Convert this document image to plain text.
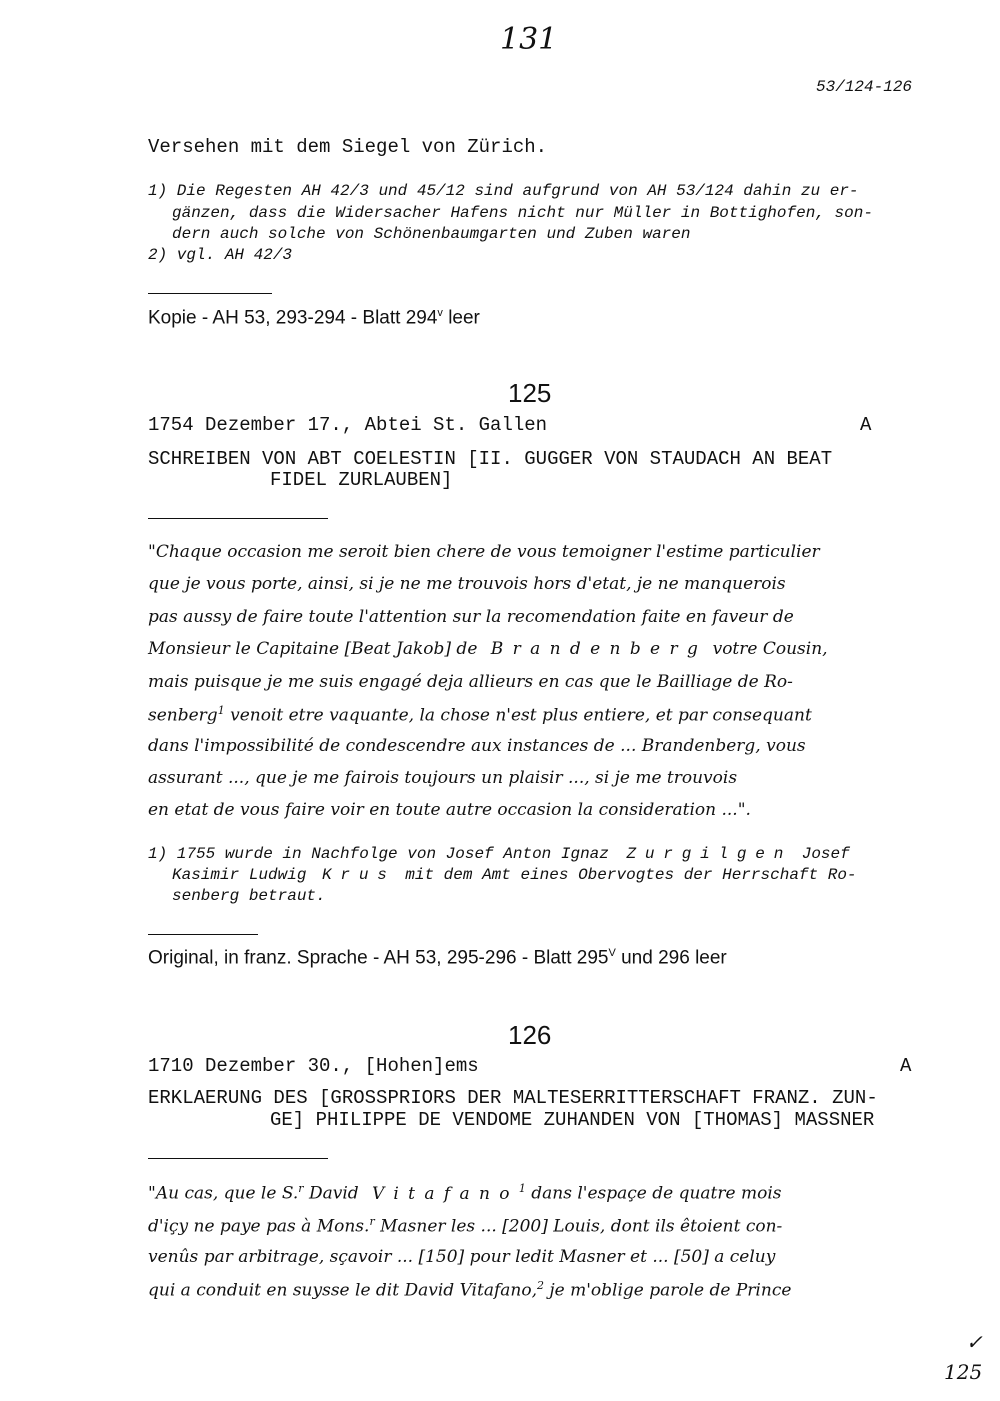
131
53/124-126
Versehen mit dem Siegel von Zürich.
1) Die Regesten AH 42/3 und 45/12 sind aufgrund von AH 53/124 dahin zu er-
gänzen, dass die Widersacher Hafens nicht nur Müller in Bottighofen, son-
dern auch solche von Schönenbaumgarten und Zuben waren
2) vgl. AH 42/3
Kopie - AH 53, 293-294 - Blatt 294$^v$ leer
125
1754 Dezember 17., Abtei St. Gallen	A
SCHREIBEN VON ABT COELESTIN [II. GUGGER VON STAUDACH AN BEAT
FIDEL ZURLAUBEN]
"Chaque occasion me seroit bien chere de vous temoigner l'estime particulier
que je vous porte, ainsi, si je ne me trouvois hors d'etat, je ne manquerois
pas aussy de faire toute l'attention sur la recomendation faite en faveur de
Monsieur le Capitaine [Beat Jakob] de Brandenberg votre Cousin,
mais puisque je me suis engagé deja allieurs en cas que le Bailliage de Ro-
senberg$^1$ venoit etre vaquante, la chose n'est plus entiere, et par consequant
dans l'impossibilité de condescendre aux instances de ... Brandenberg, vous
assurant ..., que je me fairois toujours un plaisir ..., si je me trouvois
en etat de vous faire voir en toute autre occasion la consideration ...".
1) 1755 wurde in Nachfolge von Josef Anton Ignaz Zurgilgen Josef
Kasimir Ludwig Krus mit dem Amt eines Obervogtes der Herrschaft Ro-
senberg betraut.
Original, in franz. Sprache - AH 53, 295-296 - Blatt $295^V$ und 296 leer
126
1710 Dezember 30., [Hohen]ems	A
ERKLAERUNG DES [GROSSPRIORS DER MALTESERRITTERSCHAFT FRANZ. ZUN-
GE] PHILIPPE DE VENDOME ZUHANDEN VON [THOMAS] MASSNER
"Au cas, que le S.$^r$ David Vitafano$^1$ dans l'espaçe de quatre mois
d'içy ne paye pas à Mons.$^r$ Masner les ... [200] Louis, dont ils êtoient con-
venûs par arbitrage, sçavoir ... [150] pour ledit Masner et ... [50] a celuy
qui a conduit en suysse le dit David Vitafano,$^2$ je m'oblige parole de Prince
✓
125
